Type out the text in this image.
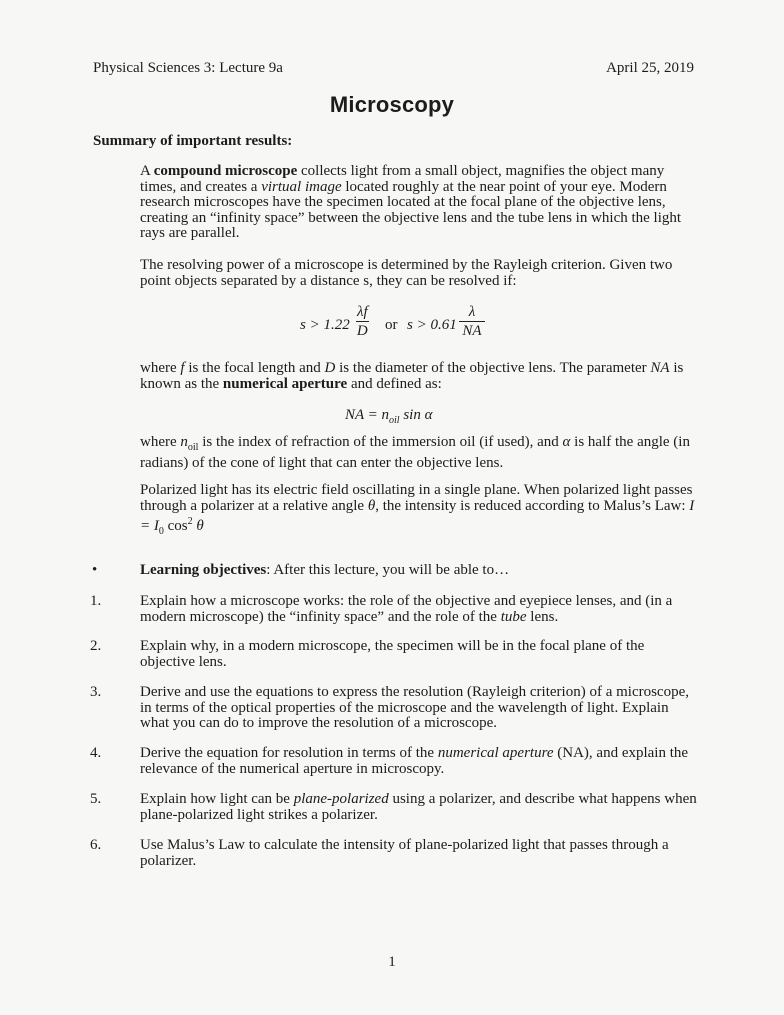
Physical Sciences 3: Lecture 9a	April 25, 2019
Microscopy
Summary of important results:
A compound microscope collects light from a small object, magnifies the object many times, and creates a virtual image located roughly at the near point of your eye. Modern research microscopes have the specimen located at the focal plane of the objective lens, creating an “infinity space” between the objective lens and the tube lens in which the light rays are parallel.
The resolving power of a microscope is determined by the Rayleigh criterion. Given two point objects separated by a distance s, they can be resolved if:
$s > 1.22 \frac{\lambda f}{D}$ or $s > 0.61 \frac{\lambda}{NA}$
where f is the focal length and D is the diameter of the objective lens. The parameter NA is known as the numerical aperture and defined as:
NA = $n_{oil}$ sin α
where $n_{oil}$ is the index of refraction of the immersion oil (if used), and α is half the angle (in radians) of the cone of light that can enter the objective lens.
Polarized light has its electric field oscillating in a single plane. When polarized light passes through a polarizer at a relative angle θ, the intensity is reduced according to Malus’s Law: $I = I_0$ $\cos^2 \theta$
•	Learning objectives: After this lecture, you will be able to…
1.	Explain how a microscope works: the role of the objective and eyepiece lenses, and (in a modern microscope) the “infinity space” and the role of the tube lens.
2.	Explain why, in a modern microscope, the specimen will be in the focal plane of the objective lens.
3.	Derive and use the equations to express the resolution (Rayleigh criterion) of a microscope, in terms of the optical properties of the microscope and the wavelength of light. Explain what you can do to improve the resolution of a microscope.
4.	Derive the equation for resolution in terms of the numerical aperture (NA), and explain the relevance of the numerical aperture in microscopy.
5.	Explain how light can be plane-polarized using a polarizer, and describe what happens when plane-polarized light strikes a polarizer.
6.	Use Malus’s Law to calculate the intensity of plane-polarized light that passes through a polarizer.
1
